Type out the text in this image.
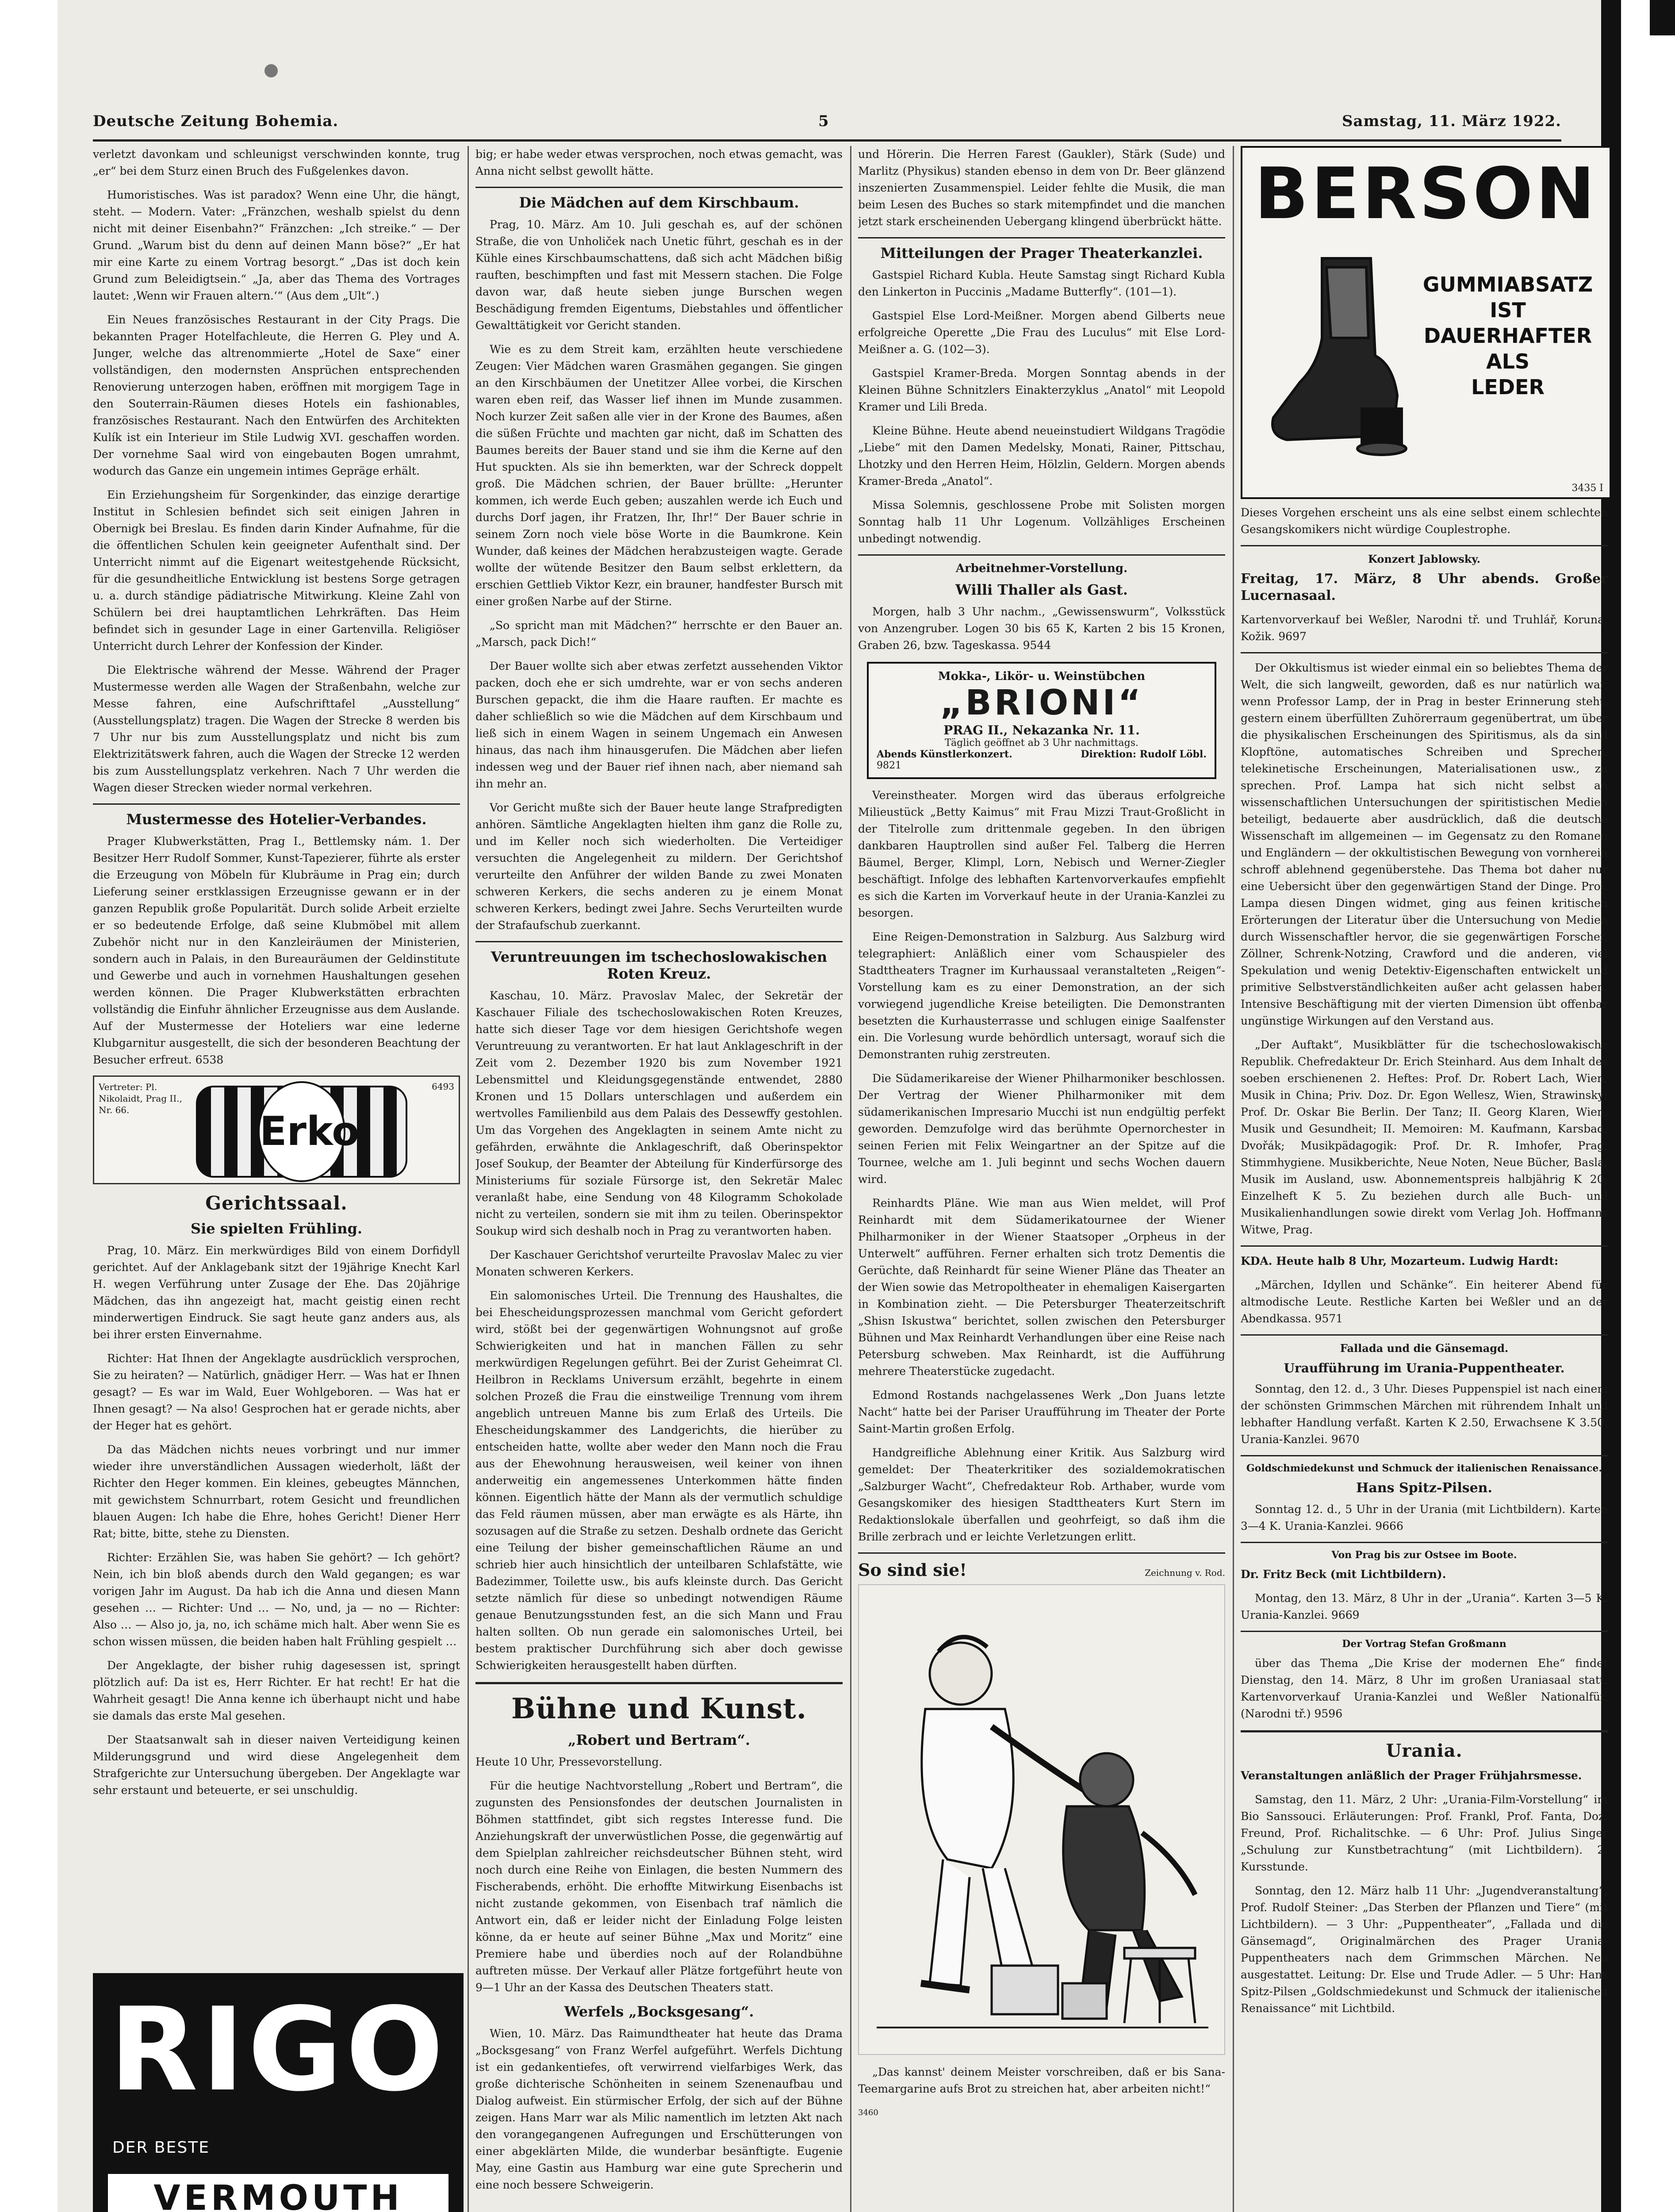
Deutsche Zeitung Bohemia.	5	Samstag, 11. März 1922.

verletzt davonkam und schleunigst verschwinden konnte, trug „er“ bei dem Sturz einen Bruch des Fußgelenkes davon.

Humoristisches. Was ist paradox? Wenn eine Uhr, die hängt, steht. — Modern. Vater: „Fränzchen, weshalb spielst du denn nicht mit deiner Eisenbahn?“ Fränzchen: „Ich streike.“ — Der Grund. „Warum bist du denn auf deinen Mann böse?“ „Er hat mir eine Karte zu einem Vortrag besorgt.“ „Das ist doch kein Grund zum Beleidigtsein.“ „Ja, aber das Thema des Vortrages lautet: ‚Wenn wir Frauen altern.‘“ (Aus dem „Ult“.)

Ein Neues französisches Restaurant in der City Prags. Die bekannten Prager Hotelfachleute, die Herren G. Pley und A. Junger, welche das altrenommierte „Hotel de Saxe“ einer vollständigen, den modernsten Ansprüchen entsprechenden Renovierung unterzogen haben, eröffnen mit morgigem Tage in den Souterrain-Räumen dieses Hotels ein fashionables, französisches Restaurant. Nach den Entwürfen des Architekten Kulík ist ein Interieur im Stile Ludwig XVI. geschaffen worden. Der vornehme Saal wird von eingebauten Bogen umrahmt, wodurch das Ganze ein ungemein intimes Gepräge erhält.

Ein Erziehungsheim für Sorgenkinder, das einzige derartige Institut in Schlesien befindet sich seit einigen Jahren in Obernigk bei Breslau. Es finden darin Kinder Aufnahme, für die die öffentlichen Schulen kein geeigneter Aufenthalt sind. Der Unterricht nimmt auf die Eigenart weitestgehende Rücksicht, für die gesundheitliche Entwicklung ist bestens Sorge getragen u. a. durch ständige pädiatrische Mitwirkung. Kleine Zahl von Schülern bei drei hauptamtlichen Lehrkräften. Das Heim befindet sich in gesunder Lage in einer Gartenvilla. Religiöser Unterricht durch Lehrer der Konfession der Kinder.

Die Elektrische während der Messe. Während der Prager Mustermesse werden alle Wagen der Straßenbahn, welche zur Messe fahren, eine Aufschrifttafel „Ausstellung“ (Ausstellungsplatz) tragen. Die Wagen der Strecke 8 werden bis 7 Uhr nur bis zum Ausstellungsplatz und nicht bis zum Elektrizitätswerk fahren, auch die Wagen der Strecke 12 werden bis zum Ausstellungsplatz verkehren. Nach 7 Uhr werden die Wagen dieser Strecken wieder normal verkehren.

Mustermesse des Hotelier-Verbandes.

Prager Klubwerkstätten, Prag I., Bettlemsky nám. 1. Der Besitzer Herr Rudolf Sommer, Kunst-Tapezierer, führte als erster die Erzeugung von Möbeln für Klubräume in Prag ein; durch Lieferung seiner erstklassigen Erzeugnisse gewann er in der ganzen Republik große Popularität. Durch solide Arbeit erzielte er so bedeutende Erfolge, daß seine Klubmöbel mit allem Zubehör nicht nur in den Kanzleiräumen der Ministerien, sondern auch in Palais, in den Bureauräumen der Geldinstitute und Gewerbe und auch in vornehmen Haushaltungen gesehen werden können. Die Prager Klubwerkstätten erbrachten vollständig die Einfuhr ähnlicher Erzeugnisse aus dem Auslande. Auf der Mustermesse der Hoteliers war eine lederne Klubgarnitur ausgestellt, die sich der besonderen Beachtung der Besucher erfreut. 6538

Vertreter: Pl. Nikolaidt, Prag II., Nr. 66.	Erko
6493
Gerichtssaal.
Sie spielten Frühling.

Prag, 10. März. Ein merkwürdiges Bild von einem Dorfidyll gerichtet. Auf der Anklagebank sitzt der 19jährige Knecht Karl H. wegen Verführung unter Zusage der Ehe. Das 20jährige Mädchen, das ihn angezeigt hat, macht geistig einen recht minderwertigen Eindruck. Sie sagt heute ganz anders aus, als bei ihrer ersten Einvernahme.

Richter: Hat Ihnen der Angeklagte ausdrücklich versprochen, Sie zu heiraten? — Natürlich, gnädiger Herr. — Was hat er Ihnen gesagt? — Es war im Wald, Euer Wohlgeboren. — Was hat er Ihnen gesagt? — Na also! Gesprochen hat er gerade nichts, aber der Heger hat es gehört.

Da das Mädchen nichts neues vorbringt und nur immer wieder ihre unverständlichen Aussagen wiederholt, läßt der Richter den Heger kommen. Ein kleines, gebeugtes Männchen, mit gewichstem Schnurrbart, rotem Gesicht und freundlichen blauen Augen: Ich habe die Ehre, hohes Gericht! Diener Herr Rat; bitte, bitte, stehe zu Diensten.

Richter: Erzählen Sie, was haben Sie gehört? — Ich gehört? Nein, ich bin bloß abends durch den Wald gegangen; es war vorigen Jahr im August. Da hab ich die Anna und diesen Mann gesehen … — Richter: Und … — No, und, ja — no — Richter: Also … — Also jo, ja, no, ich schäme mich halt. Aber wenn Sie es schon wissen müssen, die beiden haben halt Frühling gespielt …

Der Angeklagte, der bisher ruhig dagesessen ist, springt plötzlich auf: Da ist es, Herr Richter. Er hat recht! Er hat die Wahrheit gesagt! Die Anna kenne ich überhaupt nicht und habe sie damals das erste Mal gesehen.

Der Staatsanwalt sah in dieser naiven Verteidigung keinen Milderungsgrund und wird diese Angelegenheit dem Strafgerichte zur Untersuchung übergeben. Der Angeklagte war sehr erstaunt und beteuerte, er sei unschuldig.

RIGO
DER BESTE
VERMOUTH

big; er habe weder etwas versprochen, noch etwas gemacht, was Anna nicht selbst gewollt hätte.

Die Mädchen auf dem Kirschbaum.

Prag, 10. März. Am 10. Juli geschah es, auf der schönen Straße, die von Unholiček nach Unetic führt, geschah es in der Kühle eines Kirschbaumschattens, daß sich acht Mädchen bißig rauften, beschimpften und fast mit Messern stachen. Die Folge davon war, daß heute sieben junge Burschen wegen Beschädigung fremden Eigentums, Diebstahles und öffentlicher Gewalttätigkeit vor Gericht standen.

Wie es zu dem Streit kam, erzählten heute verschiedene Zeugen: Vier Mädchen waren Grasmähen gegangen. Sie gingen an den Kirschbäumen der Unetitzer Allee vorbei, die Kirschen waren eben reif, das Wasser lief ihnen im Munde zusammen. Noch kurzer Zeit saßen alle vier in der Krone des Baumes, aßen die süßen Früchte und machten gar nicht, daß im Schatten des Baumes bereits der Bauer stand und sie ihm die Kerne auf den Hut spuckten. Als sie ihn bemerkten, war der Schreck doppelt groß. Die Mädchen schrien, der Bauer brüllte: „Herunter kommen, ich werde Euch geben; auszahlen werde ich Euch und durchs Dorf jagen, ihr Fratzen, Ihr, Ihr!“ Der Bauer schrie in seinem Zorn noch viele böse Worte in die Baumkrone. Kein Wunder, daß keines der Mädchen herabzusteigen wagte. Gerade wollte der wütende Besitzer den Baum selbst erklettern, da erschien Gettlieb Viktor Kezr, ein brauner, handfester Bursch mit einer großen Narbe auf der Stirne.

„So spricht man mit Mädchen?“ herrschte er den Bauer an. „Marsch, pack Dich!“

Der Bauer wollte sich aber etwas zerfetzt aussehenden Viktor packen, doch ehe er sich umdrehte, war er von sechs anderen Burschen gepackt, die ihm die Haare rauften. Er machte es daher schließlich so wie die Mädchen auf dem Kirschbaum und ließ sich in einem Wagen in seinem Ungemach ein Anwesen hinaus, das nach ihm hinausgerufen. Die Mädchen aber liefen indessen weg und der Bauer rief ihnen nach, aber niemand sah ihn mehr an.

Vor Gericht mußte sich der Bauer heute lange Strafpredigten anhören. Sämtliche Angeklagten hielten ihm ganz die Rolle zu, und im Keller noch sich wiederholten. Die Verteidiger versuchten die Angelegenheit zu mildern. Der Gerichtshof verurteilte den Anführer der wilden Bande zu zwei Monaten schweren Kerkers, die sechs anderen zu je einem Monat schweren Kerkers, bedingt zwei Jahre. Sechs Verurteilten wurde der Strafaufschub zuerkannt.

Veruntreuungen im tschechoslowakischen Roten Kreuz.

Kaschau, 10. März. Pravoslav Malec, der Sekretär der Kaschauer Filiale des tschechoslowakischen Roten Kreuzes, hatte sich dieser Tage vor dem hiesigen Gerichtshofe wegen Veruntreuung zu verantworten. Er hat laut Anklageschrift in der Zeit vom 2. Dezember 1920 bis zum November 1921 Lebensmittel und Kleidungsgegenstände entwendet, 2880 Kronen und 15 Dollars unterschlagen und außerdem ein wertvolles Familienbild aus dem Palais des Dessewffy gestohlen. Um das Vorgehen des Angeklagten in seinem Amte nicht zu gefährden, erwähnte die Anklageschrift, daß Oberinspektor Josef Soukup, der Beamter der Abteilung für Kinderfürsorge des Ministeriums für soziale Fürsorge ist, den Sekretär Malec veranlaßt habe, eine Sendung von 48 Kilogramm Schokolade nicht zu verteilen, sondern sie mit ihm zu teilen. Oberinspektor Soukup wird sich deshalb noch in Prag zu verantworten haben.

Der Kaschauer Gerichtshof verurteilte Pravoslav Malec zu vier Monaten schweren Kerkers.

Ein salomonisches Urteil. Die Trennung des Haushaltes, die bei Ehescheidungsprozessen manchmal vom Gericht gefordert wird, stößt bei der gegenwärtigen Wohnungsnot auf große Schwierigkeiten und hat in manchen Fällen zu sehr merkwürdigen Regelungen geführt. Bei der Zurist Geheimrat Cl. Heilbron in Recklams Universum erzählt, begehrte in einem solchen Prozeß die Frau die einstweilige Trennung vom ihrem angeblich untreuen Manne bis zum Erlaß des Urteils. Die Ehescheidungskammer des Landgerichts, die hierüber zu entscheiden hatte, wollte aber weder den Mann noch die Frau aus der Ehewohnung herausweisen, weil keiner von ihnen anderweitig ein angemessenes Unterkommen hätte finden können. Eigentlich hätte der Mann als der vermutlich schuldige das Feld räumen müssen, aber man erwägte es als Härte, ihn sozusagen auf die Straße zu setzen. Deshalb ordnete das Gericht eine Teilung der bisher gemeinschaftlichen Räume an und schrieb hier auch hinsichtlich der unteilbaren Schlafstätte, wie Badezimmer, Toilette usw., bis aufs kleinste durch. Das Gericht setzte nämlich für diese so unbedingt notwendigen Räume genaue Benutzungsstunden fest, an die sich Mann und Frau halten sollten. Ob nun gerade ein salomonisches Urteil, bei bestem praktischer Durchführung sich aber doch gewisse Schwierigkeiten herausgestellt haben dürften.

Bühne und Kunst.
„Robert und Bertram“.

Heute 10 Uhr, Pressevorstellung.

Für die heutige Nachtvorstellung „Robert und Bertram“, die zugunsten des Pensionsfondes der deutschen Journalisten in Böhmen stattfindet, gibt sich regstes Interesse fund. Die Anziehungskraft der unverwüstlichen Posse, die gegenwärtig auf dem Spielplan zahlreicher reichsdeutscher Bühnen steht, wird noch durch eine Reihe von Einlagen, die besten Nummern des Fischerabends, erhöht. Die erhoffte Mitwirkung Eisenbachs ist nicht zustande gekommen, von Eisenbach traf nämlich die Antwort ein, daß er leider nicht der Einladung Folge leisten könne, da er heute auf seiner Bühne „Max und Moritz“ eine Premiere habe und überdies noch auf der Rolandbühne auftreten müsse. Der Verkauf aller Plätze fortgeführt heute von 9—1 Uhr an der Kassa des Deutschen Theaters statt.

Werfels „Bocksgesang“.

Wien, 10. März. Das Raimundtheater hat heute das Drama „Bocksgesang“ von Franz Werfel aufgeführt. Werfels Dichtung ist ein gedankentiefes, oft verwirrend vielfarbiges Werk, das große dichterische Schönheiten in seinem Szenenaufbau und Dialog aufweist. Ein stürmischer Erfolg, der sich auf der Bühne zeigen. Hans Marr war als Milic namentlich im letzten Akt nach den vorangegangenen Aufregungen und Erschütterungen von einer abgeklärten Milde, die wunderbar besänftigte. Eugenie May, eine Gastin aus Hamburg war eine gute Sprecherin und eine noch bessere Schweigerin.

und Hörerin. Die Herren Farest (Gaukler), Stärk (Sude) und Marlitz (Physikus) standen ebenso in dem von Dr. Beer glänzend inszenierten Zusammenspiel. Leider fehlte die Musik, die man beim Lesen des Buches so stark mitempfindet und die manchen jetzt stark erscheinenden Uebergang klingend überbrückt hätte.

Mitteilungen der Prager Theaterkanzlei.

Gastspiel Richard Kubla. Heute Samstag singt Richard Kubla den Linkerton in Puccinis „Madame Butterfly“. (101—1).

Gastspiel Else Lord-Meißner. Morgen abend Gilberts neue erfolgreiche Operette „Die Frau des Luculus“ mit Else Lord-Meißner a. G. (102—3).

Gastspiel Kramer-Breda. Morgen Sonntag abends in der Kleinen Bühne Schnitzlers Einakterzyklus „Anatol“ mit Leopold Kramer und Lili Breda.

Kleine Bühne. Heute abend neueinstudiert Wildgans Tragödie „Liebe“ mit den Damen Medelsky, Monati, Rainer, Pittschau, Lhotzky und den Herren Heim, Hölzlin, Geldern. Morgen abends Kramer-Breda „Anatol“.

Missa Solemnis, geschlossene Probe mit Solisten morgen Sonntag halb 11 Uhr Logenum. Vollzähliges Erscheinen unbedingt notwendig.

Arbeitnehmer-Vorstellung.
Willi Thaller als Gast.

Morgen, halb 3 Uhr nachm., „Gewissenswurm“, Volksstück von Anzengruber. Logen 30 bis 65 K, Karten 2 bis 15 Kronen, Graben 26, bzw. Tageskassa. 9544

Mokka-, Likör- u. Weinstübchen
„BRIONI“
PRAG II., Nekazanka Nr. 11.
Täglich geöffnet ab 3 Uhr nachmittags.
Abends Künstlerkonzert.	Direktion: Rudolf Löbl.
9821

Vereinstheater. Morgen wird das überaus erfolgreiche Milieustück „Betty Kaimus“ mit Frau Mizzi Traut-Großlicht in der Titelrolle zum drittenmale gegeben. In den übrigen dankbaren Hauptrollen sind außer Fel. Talberg die Herren Bäumel, Berger, Klimpl, Lorn, Nebisch und Werner-Ziegler beschäftigt. Infolge des lebhaften Kartenvorverkaufes empfiehlt es sich die Karten im Vorverkauf heute in der Urania-Kanzlei zu besorgen.

Eine Reigen-Demonstration in Salzburg. Aus Salzburg wird telegraphiert: Anläßlich einer vom Schauspieler des Stadttheaters Tragner im Kurhaussaal veranstalteten „Reigen“-Vorstellung kam es zu einer Demonstration, an der sich vorwiegend jugendliche Kreise beteiligten. Die Demonstranten besetzten die Kurhausterrasse und schlugen einige Saalfenster ein. Die Vorlesung wurde behördlich untersagt, worauf sich die Demonstranten ruhig zerstreuten.

Die Südamerikareise der Wiener Philharmoniker beschlossen. Der Vertrag der Wiener Philharmoniker mit dem südamerikanischen Impresario Mucchi ist nun endgültig perfekt geworden. Demzufolge wird das berühmte Opernorchester in seinen Ferien mit Felix Weingartner an der Spitze auf die Tournee, welche am 1. Juli beginnt und sechs Wochen dauern wird.

Reinhardts Pläne. Wie man aus Wien meldet, will Prof Reinhardt mit dem Südamerikatournee der Wiener Philharmoniker in der Wiener Staatsoper „Orpheus in der Unterwelt“ aufführen. Ferner erhalten sich trotz Dementis die Gerüchte, daß Reinhardt für seine Wiener Pläne das Theater an der Wien sowie das Metropoltheater in ehemaligen Kaisergarten in Kombination zieht. — Die Petersburger Theaterzeitschrift „Shisn Iskustwa“ berichtet, sollen zwischen den Petersburger Bühnen und Max Reinhardt Verhandlungen über eine Reise nach Petersburg schweben. Max Reinhardt, ist die Aufführung mehrere Theaterstücke zugedacht.

Edmond Rostands nachgelassenes Werk „Don Juans letzte Nacht“ hatte bei der Pariser Uraufführung im Theater der Porte Saint-Martin großen Erfolg.

Handgreifliche Ablehnung einer Kritik. Aus Salzburg wird gemeldet: Der Theaterkritiker des sozialdemokratischen „Salzburger Wacht“, Chefredakteur Rob. Arthaber, wurde vom Gesangskomiker des hiesigen Stadttheaters Kurt Stern im Redaktionslokale überfallen und geohrfeigt, so daß ihm die Brille zerbrach und er leichte Verletzungen erlitt.

So sind sie!	Zeichnung v. Rod.

„Das kannst' deinem Meister vorschreiben, daß er bis Sana-Teemargarine aufs Brot zu streichen hat, aber arbeiten nicht!“

3460

BERSON
GUMMIABSATZ
IST
DAUERHAFTER
ALS
LEDER
3435 I

Dieses Vorgehen erscheint uns als eine selbst einem schlechten Gesangskomikers nicht würdige Couplestrophe.

Konzert Jablowsky.

Freitag, 17. März, 8 Uhr abends. Großer Lucernasaal.

Kartenvorverkauf bei Weßler, Narodni tř. und Truhlář, Koruna, Kožik. 9697

Der Okkultismus ist wieder einmal ein so beliebtes Thema der Welt, die sich langweilt, geworden, daß es nur natürlich war, wenn Professor Lamp, der in Prag in bester Erinnerung steht, gestern einem überfüllten Zuhörerraum gegenübertrat, um über die physikalischen Erscheinungen des Spiritismus, als da sind Klopftöne, automatisches Schreiben und Sprechen, telekinetische Erscheinungen, Materialisationen usw., zu sprechen. Prof. Lampa hat sich nicht selbst an wissenschaftlichen Untersuchungen der spiritistischen Medien beteiligt, bedauerte aber ausdrücklich, daß die deutsche Wissenschaft im allgemeinen — im Gegensatz zu den Romanen und Engländern — der okkultistischen Bewegung von vornherein schroff ablehnend gegenüberstehe. Das Thema bot daher nur eine Uebersicht über den gegenwärtigen Stand der Dinge. Prof. Lampa diesen Dingen widmet, ging aus feinen kritischen Erörterungen der Literatur über die Untersuchung von Medien durch Wissenschaftler hervor, die sie gegenwärtigen Forscher, Zöllner, Schrenk-Notzing, Crawford und die anderen, viel Spekulation und wenig Detektiv-Eigenschaften entwickelt und primitive Selbstverständlichkeiten außer acht gelassen haben. Intensive Beschäftigung mit der vierten Dimension übt offenbar ungünstige Wirkungen auf den Verstand aus.

„Der Auftakt“, Musikblätter für die tschechoslowakische Republik. Chefredakteur Dr. Erich Steinhard. Aus dem Inhalt des soeben erschienenen 2. Heftes: Prof. Dr. Robert Lach, Wien, Musik in China; Priv. Doz. Dr. Egon Wellesz, Wien, Strawinsky; Prof. Dr. Oskar Bie Berlin. Der Tanz; II. Georg Klaren, Wien, Musik und Gesundheit; II. Memoiren: M. Kaufmann, Karsbad, Dvořák; Musikpädagogik: Prof. Dr. R. Imhofer, Prag, Stimmhygiene. Musikberichte, Neue Noten, Neue Bücher, Basla, Musik im Ausland, usw. Abonnementspreis halbjährig K 20; Einzelheft K 5. Zu beziehen durch alle Buch- und Musikalienhandlungen sowie direkt vom Verlag Joh. Hoffmanns Witwe, Prag.

KDA. Heute halb 8 Uhr, Mozarteum. Ludwig Hardt:

„Märchen, Idyllen und Schänke“. Ein heiterer Abend für altmodische Leute. Restliche Karten bei Weßler und an der Abendkassa. 9571

Fallada und die Gänsemagd.
Uraufführung im Urania-Puppentheater.

Sonntag, den 12. d., 3 Uhr. Dieses Puppenspiel ist nach einem der schönsten Grimmschen Märchen mit rührendem Inhalt und lebhafter Handlung verfaßt. Karten K 2.50, Erwachsene K 3.50. Urania-Kanzlei. 9670

Goldschmiedekunst und Schmuck der italienischen Renaissance.
Hans Spitz-Pilsen.

Sonntag 12. d., 5 Uhr in der Urania (mit Lichtbildern). Karten 3—4 K. Urania-Kanzlei. 9666

Von Prag bis zur Ostsee im Boote.

Dr. Fritz Beck (mit Lichtbildern).

Montag, den 13. März, 8 Uhr in der „Urania“. Karten 3—5 K. Urania-Kanzlei. 9669

Der Vortrag Stefan Großmann

über das Thema „Die Krise der modernen Ehe“ findet Dienstag, den 14. März, 8 Uhr im großen Uraniasaal statt. Kartenvorverkauf Urania-Kanzlei und Weßler Nationalfür. (Narodni tř.) 9596

Urania.

Veranstaltungen anläßlich der Prager Frühjahrsmesse.

Samstag, den 11. März, 2 Uhr: „Urania-Film-Vorstellung“ im Bio Sanssouci. Erläuterungen: Prof. Frankl, Prof. Fanta, Doz. Freund, Prof. Richalitschke. — 6 Uhr: Prof. Julius Singer „Schulung zur Kunstbetrachtung“ (mit Lichtbildern). 2. Kursstunde.

Sonntag, den 12. März halb 11 Uhr: „Jugendveranstaltung“, Prof. Rudolf Steiner: „Das Sterben der Pflanzen und Tiere“ (mit Lichtbildern). — 3 Uhr: „Puppentheater“, „Fallada und die Gänsemagd“, Originalmärchen des Prager Urania-Puppentheaters nach dem Grimmschen Märchen. Neu ausgestattet. Leitung: Dr. Else und Trude Adler. — 5 Uhr: Hans Spitz-Pilsen „Goldschmiedekunst und Schmuck der italienischen Renaissance“ mit Lichtbild.
